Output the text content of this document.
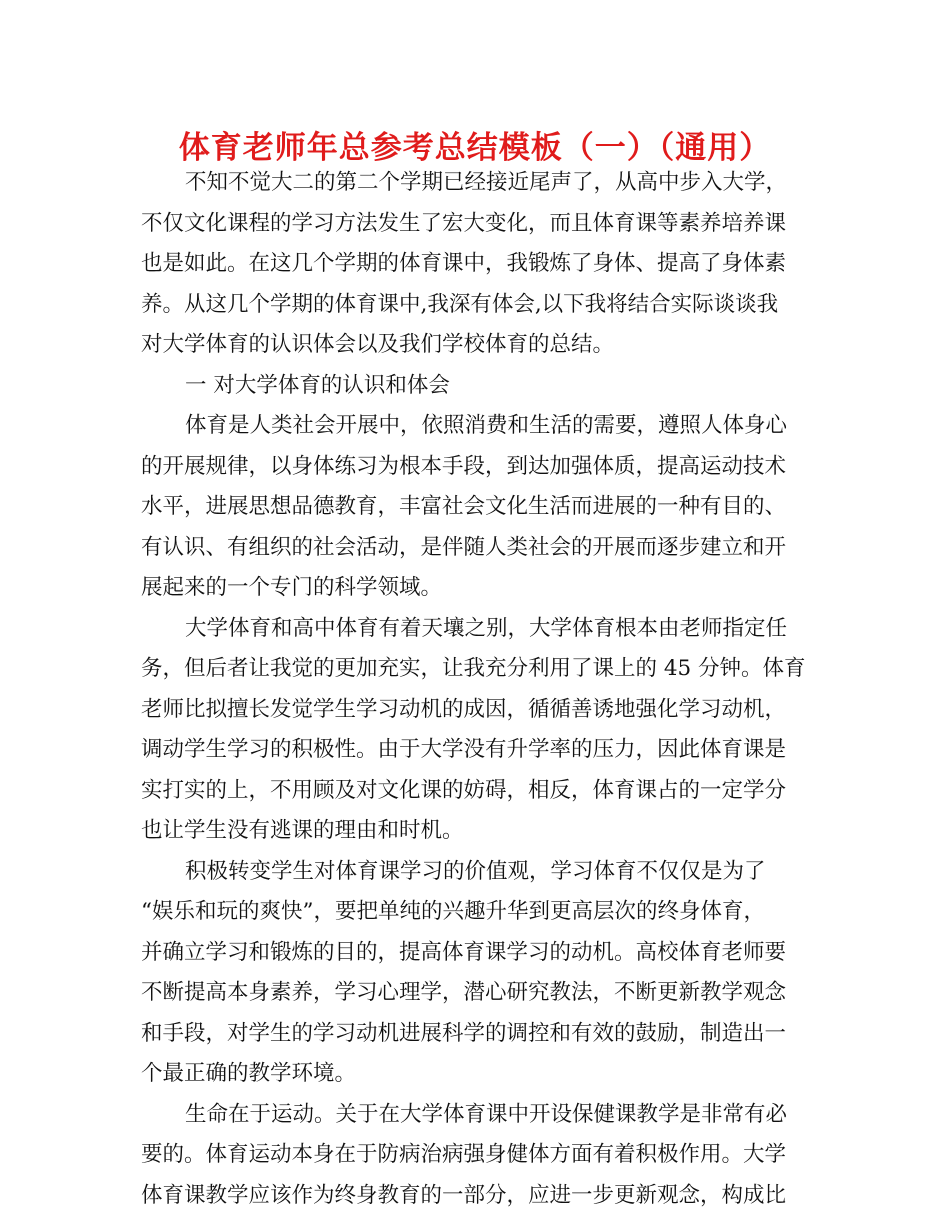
体育老师年总参考总结模板（一）（通用）
不知不觉大二的第二个学期已经接近尾声了，从高中步入大学，
不仅文化课程的学习方法发生了宏大变化，而且体育课等素养培养课
也是如此。在这几个学期的体育课中，我锻炼了身体、提高了身体素
养。从这几个学期的体育课中,我深有体会,以下我将结合实际谈谈我
对大学体育的认识体会以及我们学校体育的总结。
一 对大学体育的认识和体会
体育是人类社会开展中，依照消费和生活的需要，遵照人体身心
的开展规律，以身体练习为根本手段，到达加强体质，提高运动技术
水平，进展思想品德教育，丰富社会文化生活而进展的一种有目的、
有认识、有组织的社会活动，是伴随人类社会的开展而逐步建立和开
展起来的一个专门的科学领域。
大学体育和高中体育有着天壤之别，大学体育根本由老师指定任
务，但后者让我觉的更加充实，让我充分利用了课上的 45 分钟。体育
老师比拟擅长发觉学生学习动机的成因，循循善诱地强化学习动机，
调动学生学习的积极性。由于大学没有升学率的压力，因此体育课是
实打实的上，不用顾及对文化课的妨碍，相反，体育课占的一定学分
也让学生没有逃课的理由和时机。
积极转变学生对体育课学习的价值观，学习体育不仅仅是为了
“娱乐和玩的爽快”，要把单纯的兴趣升华到更高层次的终身体育，
并确立学习和锻炼的目的，提高体育课学习的动机。高校体育老师要
不断提高本身素养，学习心理学，潜心研究教法，不断更新教学观念
和手段，对学生的学习动机进展科学的调控和有效的鼓励，制造出一
个最正确的教学环境。
生命在于运动。关于在大学体育课中开设保健课教学是非常有必
要的。体育运动本身在于防病治病强身健体方面有着积极作用。大学
体育课教学应该作为终身教育的一部分，应进一步更新观念，构成比
